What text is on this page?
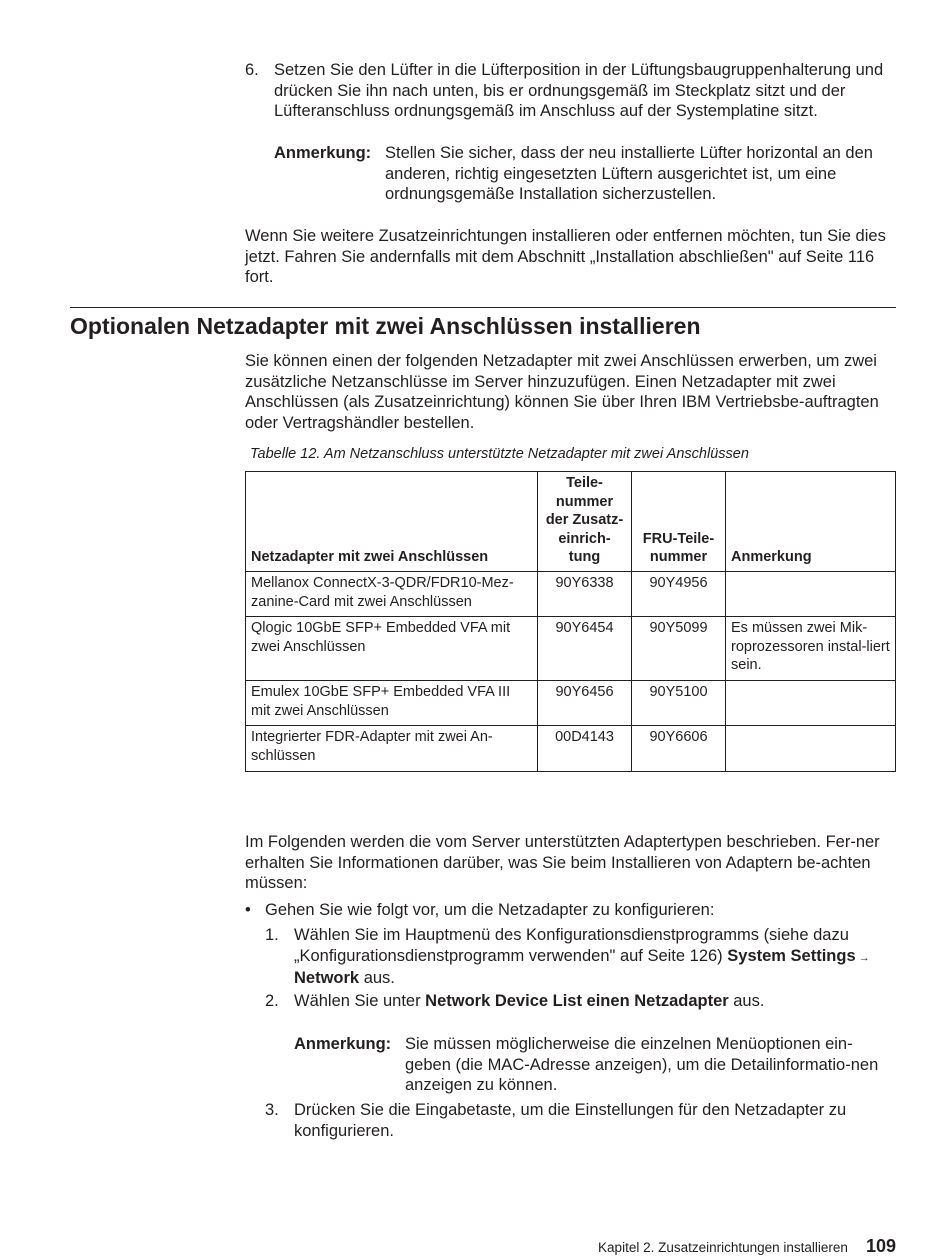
6. Setzen Sie den Lüfter in die Lüfterposition in der Lüftungsbaugruppenhalterung und drücken Sie ihn nach unten, bis er ordnungsgemäß im Steckplatz sitzt und der Lüfteranschluss ordnungsgemäß im Anschluss auf der Systemplatine sitzt.
Anmerkung: Stellen Sie sicher, dass der neu installierte Lüfter horizontal an den anderen, richtig eingesetzten Lüftern ausgerichtet ist, um eine ordnungsgemäße Installation sicherzustellen.
Wenn Sie weitere Zusatzeinrichtungen installieren oder entfernen möchten, tun Sie dies jetzt. Fahren Sie andernfalls mit dem Abschnitt „Installation abschließen" auf Seite 116 fort.
Optionalen Netzadapter mit zwei Anschlüssen installieren
Sie können einen der folgenden Netzadapter mit zwei Anschlüssen erwerben, um zwei zusätzliche Netzanschlüsse im Server hinzuzufügen. Einen Netzadapter mit zwei Anschlüssen (als Zusatzeinrichtung) können Sie über Ihren IBM Vertriebsbe-auftragten oder Vertragshändler bestellen.
Tabelle 12. Am Netzanschluss unterstützte Netzadapter mit zwei Anschlüssen
Netzadapter mit zwei Anschlüssen	Teile-nummer der Zusatz-einrich-tung	FRU-Teile-nummer	Anmerkung
Mellanox ConnectX-3-QDR/FDR10-Mez-zanine-Card mit zwei Anschlüssen	90Y6338	90Y4956	
Qlogic 10GbE SFP+ Embedded VFA mit zwei Anschlüssen	90Y6454	90Y5099	Es müssen zwei Mik-roprozessoren instal-liert sein.
Emulex 10GbE SFP+ Embedded VFA III mit zwei Anschlüssen	90Y6456	90Y5100	
Integrierter FDR-Adapter mit zwei An-schlüssen	00D4143	90Y6606	
Im Folgenden werden die vom Server unterstützten Adaptertypen beschrieben. Fer-ner erhalten Sie Informationen darüber, was Sie beim Installieren von Adaptern be-achten müssen:
• Gehen Sie wie folgt vor, um die Netzadapter zu konfigurieren:
1. Wählen Sie im Hauptmenü des Konfigurationsdienstprogramms (siehe dazu „Konfigurationsdienstprogramm verwenden" auf Seite 126) System Settings → Network aus.
2. Wählen Sie unter Network Device List einen Netzadapter aus.
Anmerkung: Sie müssen möglicherweise die einzelnen Menüoptionen ein-geben (die MAC-Adresse anzeigen), um die Detailinformatio-nen anzeigen zu können.
3. Drücken Sie die Eingabetaste, um die Einstellungen für den Netzadapter zu konfigurieren.
Kapitel 2. Zusatzeinrichtungen installieren 109
